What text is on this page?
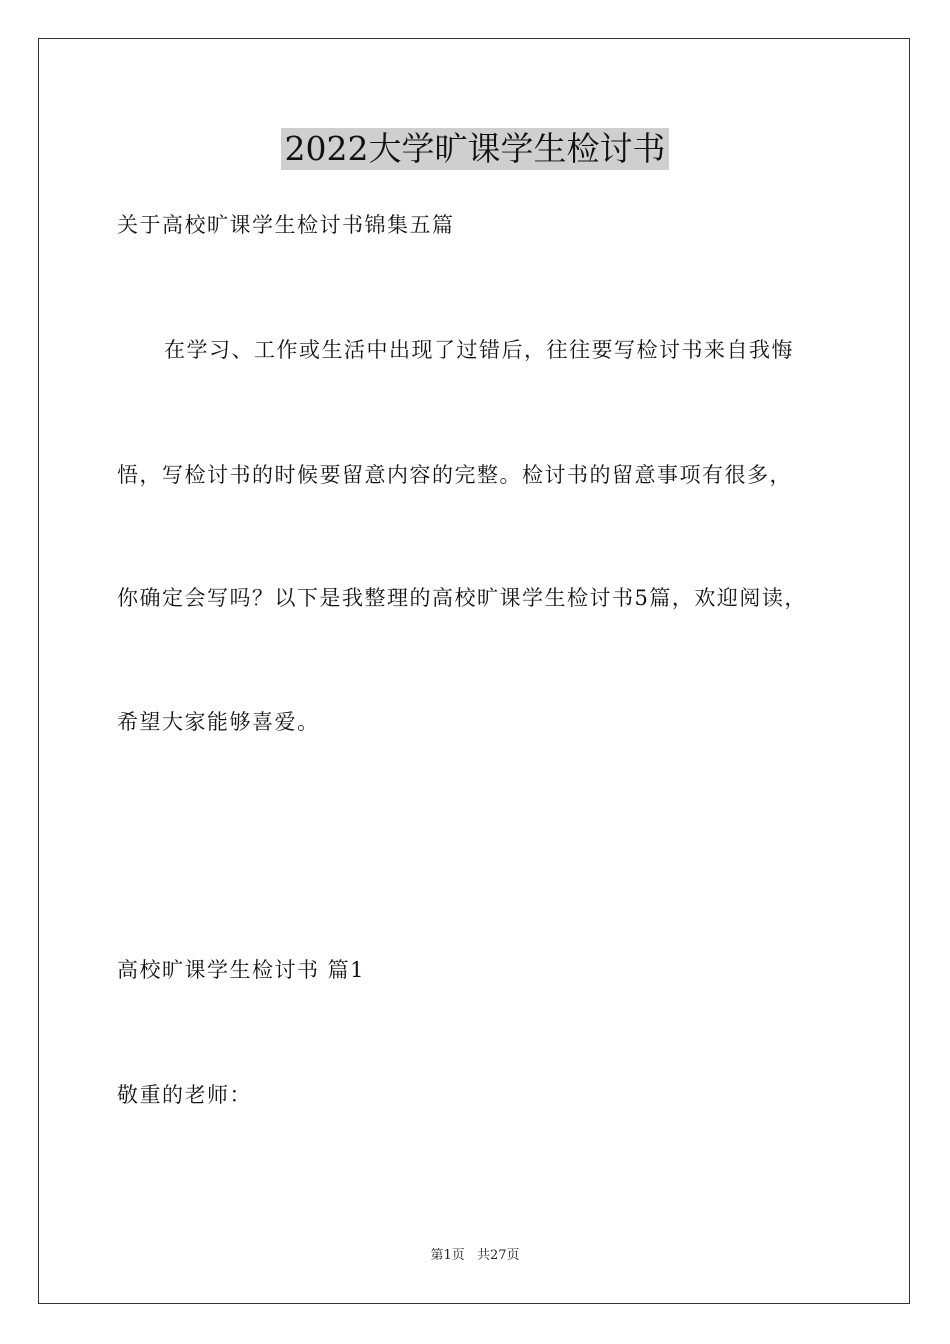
2022大学旷课学生检讨书
关于高校旷课学生检讨书锦集五篇
在学习、工作或生活中出现了过错后，往往要写检讨书来自我悔
悟，写检讨书的时候要留意内容的完整。检讨书的留意事项有很多，
你确定会写吗？以下是我整理的高校旷课学生检讨书5篇，欢迎阅读，
希望大家能够喜爱。
高校旷课学生检讨书 篇1
敬重的老师：
第1页 共27页
